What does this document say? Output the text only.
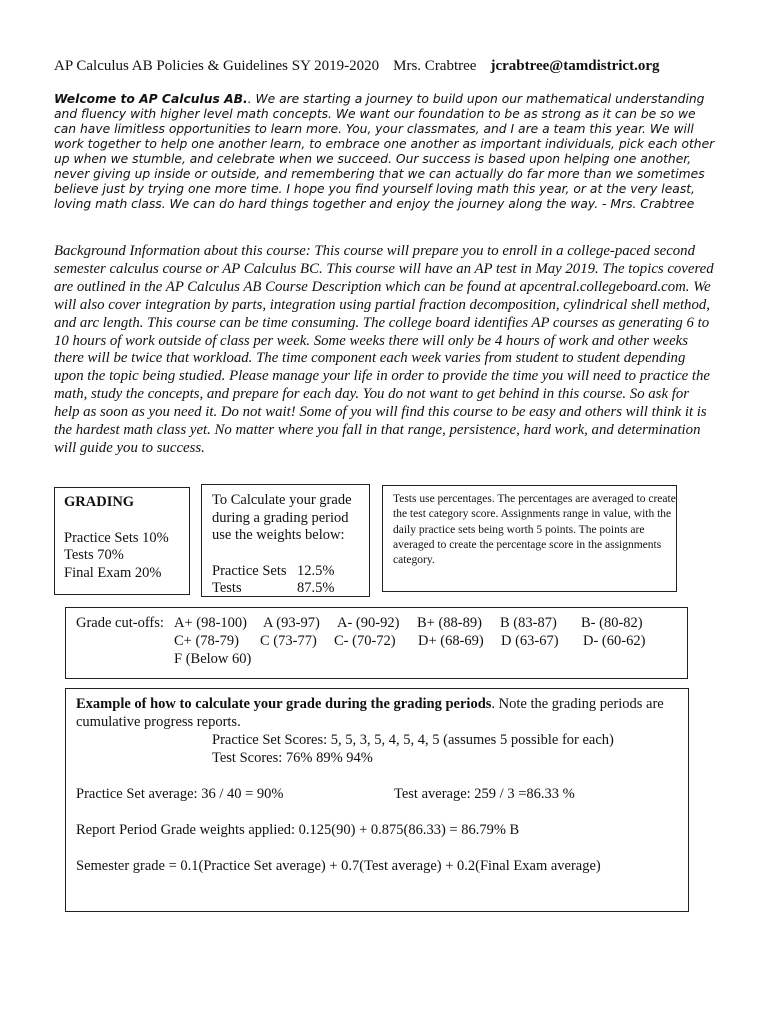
AP Calculus AB Policies & Guidelines SY 2019-2020 Mrs. Crabtree jcrabtree@tamdistrict.org
Welcome to AP Calculus AB.. We are starting a journey to build upon our mathematical understanding and fluency with higher level math concepts. We want our foundation to be as strong as it can be so we can have limitless opportunities to learn more. You, your classmates, and I are a team this year. We will work together to help one another learn, to embrace one another as important individuals, pick each other up when we stumble, and celebrate when we succeed. Our success is based upon helping one another, never giving up inside or outside, and remembering that we can actually do far more than we sometimes believe just by trying one more time. I hope you find yourself loving math this year, or at the very least, loving math class. We can do hard things together and enjoy the journey along the way. - Mrs. Crabtree
Background Information about this course: This course will prepare you to enroll in a college-paced second semester calculus course or AP Calculus BC. This course will have an AP test in May 2019. The topics covered are outlined in the AP Calculus AB Course Description which can be found at apcentral.collegeboard.com. We will also cover integration by parts, integration using partial fraction decomposition, cylindrical shell method, and arc length. This course can be time consuming. The college board identifies AP courses as generating 6 to 10 hours of work outside of class per week. Some weeks there will only be 4 hours of work and other weeks there will be twice that workload. The time component each week varies from student to student depending upon the topic being studied. Please manage your life in order to provide the time you will need to practice the math, study the concepts, and prepare for each day. You do not want to get behind in this course. So ask for help as soon as you need it. Do not wait! Some of you will find this course to be easy and others will think it is the hardest math class yet. No matter where you fall in that range, persistence, hard work, and determination will guide you to success.
GRADING
Practice Sets 10%
Tests 70%
Final Exam 20%
To Calculate your grade during a grading period use the weights below:
Practice Sets 12.5%
Tests	87.5%
Tests use percentages. The percentages are averaged to create the test category score. Assignments range in value, with the daily practice sets being worth 5 points. The points are averaged to create the percentage score in the assignments category.
Grade cut-offs: A+ (98-100) A (93-97) A- (90-92) B+ (88-89) B (83-87) B- (80-82)
C+ (78-79) C (73-77) C- (70-72) D+ (68-69) D (63-67) D- (60-62)
F (Below 60)
Example of how to calculate your grade during the grading periods. Note the grading periods are cumulative progress reports.
Practice Set Scores: 5, 5, 3, 5, 4, 5, 4, 5 (assumes 5 possible for each)
Test Scores: 76% 89% 94%
Practice Set average: 36 / 40 = 90%	Test average: 259 / 3 =86.33 %
Report Period Grade weights applied: 0.125(90) + 0.875(86.33) = 86.79% B
Semester grade = 0.1(Practice Set average) + 0.7(Test average) + 0.2(Final Exam average)
